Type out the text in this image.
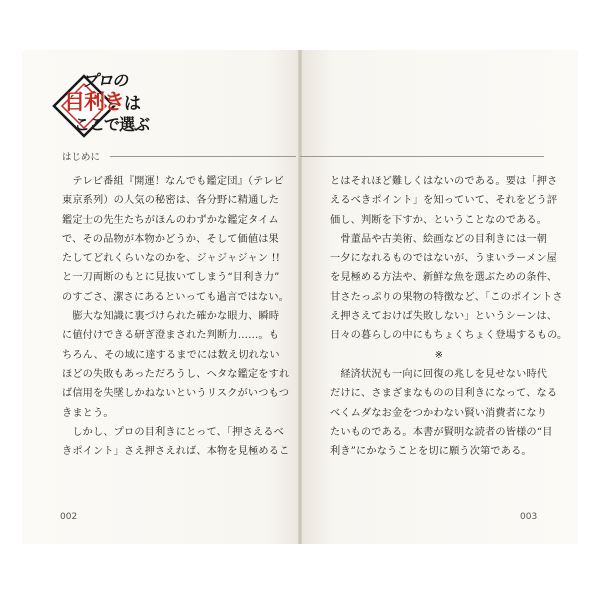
プロの
目利きは
ここで選ぶ
はじめに

　テレビ番組『開運！なんでも鑑定団』（テレビ

東京系列）の人気の秘密は、各分野に精通した

鑑定士の先生たちがほんのわずかな鑑定タイム

で、その品物が本物かどうか、そして価値は果

たしてどれくらいなのかを、ジャジャジャン !!

と一刀両断のもとに見抜いてしまう“目利き力”

のすごさ、潔さにあるといっても過言ではない。

　膨大な知識に裏づけられた確かな眼力、瞬時

に値付けできる研ぎ澄まされた判断力……。も

ちろん、その域に達するまでには数え切れない

ほどの失敗もあっただろうし、ヘタな鑑定をすれ

ば信用を失墜しかねないというリスクがいつもつ

きまとう。

　しかし、プロの目利きにとって、「押さえるべ

きポイント」さえ押さえれば、本物を見極めるこ

とはそれほど難しくはないのである。要は「押さ

えるべきポイント」を知っていて、それをどう評

価し、判断を下すか、ということなのである。

　骨董品や古美術、絵画などの目利きには一朝

一夕になれるものではないが、うまいラーメン屋

を見極める方法や、新鮮な魚を選ぶための条件、

甘さたっぷりの果物の特徴など、「このポイントさ

え押さえておけば失敗しない」というシーンは、

日々の暮らしの中にもちょくちょく登場するもの。

※

　経済状況も一向に回復の兆しを見せない時代

だけに、さまざまなものの目利きになって、なる

べくムダなお金をつかわない賢い消費者になり

たいものである。本書が賢明な読者の皆様の“目

利き”にかなうことを切に願う次第である。

002	003
